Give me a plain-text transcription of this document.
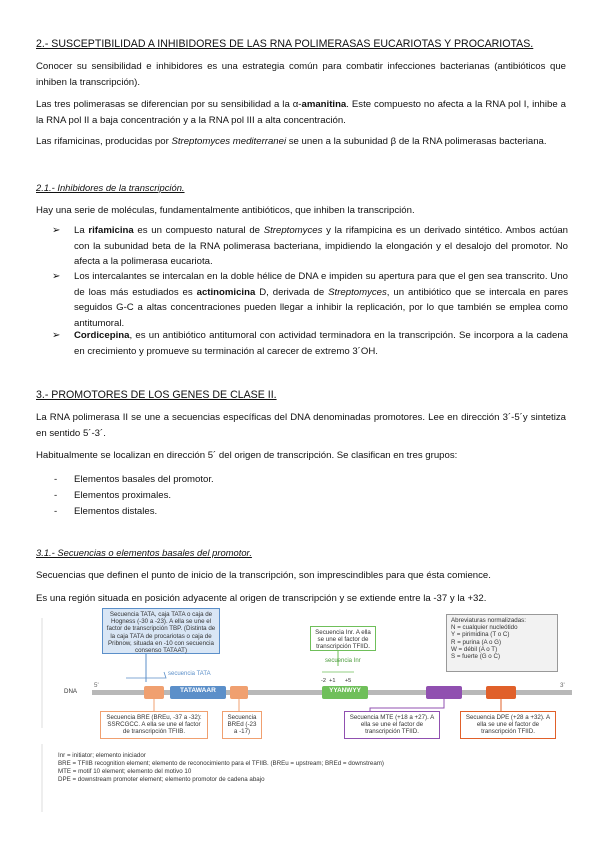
2.- SUSCEPTIBILIDAD A INHIBIDORES DE LAS RNA POLIMERASAS EUCARIOTAS Y PROCARIOTAS.

Conocer su sensibilidad e inhibidores es una estrategia común para combatir infecciones bacterianas (antibióticos que inhiben la transcripción).

Las tres polimerasas se diferencian por su sensibilidad a la α-amanitina. Este compuesto no afecta a la RNA pol I, inhibe a la RNA pol II a baja concentración y a la RNA pol III a alta concentración.

Las rifamicinas, producidas por Streptomyces mediterranei se unen a la subunidad β de la RNA polimerasas bacteriana.

2.1.- Inhibidores de la transcripción.

Hay una serie de moléculas, fundamentalmente antibióticos, que inhiben la transcripción.

➢ La rifamicina es un compuesto natural de Streptomyces y la rifampicina es un derivado sintético. Ambos actúan con la subunidad beta de la RNA polimerasa bacteriana, impidiendo la elongación y el desalojo del promotor. No afecta a la polimerasa eucariota.
➢ Los intercalantes se intercalan en la doble hélice de DNA e impiden su apertura para que el gen sea transcrito. Uno de loas más estudiados es actinomicina D, derivada de Streptomyces, un antibiótico que se intercala en pares seguidos G-C a altas concentraciones pueden llegar a inhibir la replicación, por lo que también se emplea como antitumoral.
➢ Cordicepina, es un antibiótico antitumoral con actividad terminadora en la transcripción. Se incorpora a la cadena en crecimiento y promueve su terminación al carecer de extremo 3´OH.

3.- PROMOTORES DE LOS GENES DE CLASE II.

La RNA polimerasa II se une a secuencias específicas del DNA denominadas promotores. Lee en dirección 3´-5´y sintetiza en sentido 5´-3´.

Habitualmente se localizan en dirección 5´ del origen de transcripción. Se clasifican en tres grupos:

- Elementos basales del promotor.

- Elementos proximales.

- Elementos distales.

3.1.- Secuencias o elementos basales del promotor.

Secuencias que definen el punto de inicio de la transcripción, son imprescindibles para que ésta comience.

Es una región situada en posición adyacente al origen de transcripción y se extiende entre la -37 y la +32.

Secuencia TATA, caja TATA o caja de Hogness (-30 a -23). A ella se une el factor de transcripción TBP. (Distinta de la caja TATA de procariotas o caja de Pribnow, situada en -10 con secuencia consenso TATAAT)
Secuencia Inr. A ella se une el factor de transcripción TFIID.
Abreviaturas normalizadas:
N = cualquier nucleótido
Y = pirimidina (T o C)
R = purina (A o G)
W = débil (A o T)
S = fuerte (G o C)
secuencia TATA
secuencia Inr
-2 +1 +5
DNA
5'	3'
TATAWAAR	YYANWYY
Secuencia BRE (BREu, -37 a -32): SSRCGCC. A ella se une el factor de transcripción TFIIB.
Secuencia BREd (-23 a -17)
Secuencia MTE (+18 a +27). A ella se une el factor de transcripción TFIID.
Secuencia DPE (+28 a +32). A ella se une el factor de transcripción TFIID.
Inr = initiator; elemento iniciador
BRE = TFIIB recognition element; elemento de reconocimiento para el TFIIB. (BREu = upstream; BREd = downstream)
MTE = motif 10 element; elemento del motivo 10
DPE = downstream promoter element; elemento promotor de cadena abajo
